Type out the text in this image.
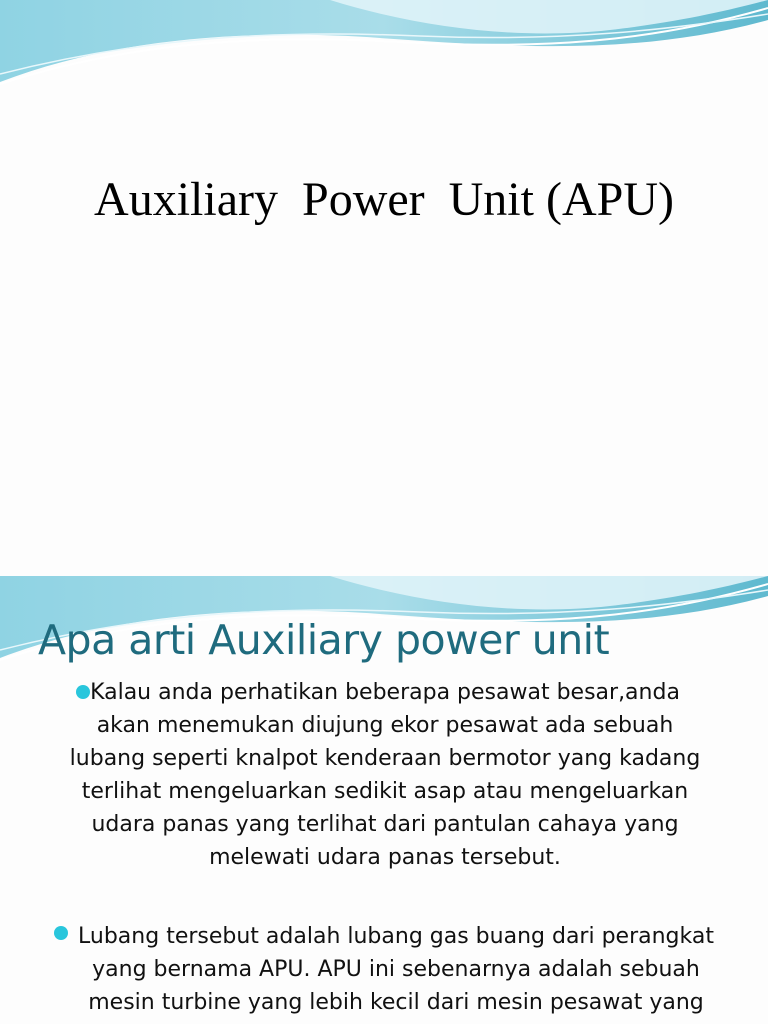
Auxiliary  Power  Unit (APU)
Apa arti Auxiliary power unit
Kalau anda perhatikan beberapa pesawat besar,anda
akan menemukan diujung ekor pesawat ada sebuah
lubang seperti knalpot kenderaan bermotor yang kadang
terlihat mengeluarkan sedikit asap atau mengeluarkan
udara panas yang terlihat dari pantulan cahaya yang
melewati udara panas tersebut.
Lubang tersebut adalah lubang gas buang dari perangkat
yang bernama APU. APU ini sebenarnya adalah sebuah
mesin turbine yang lebih kecil dari mesin pesawat yang
